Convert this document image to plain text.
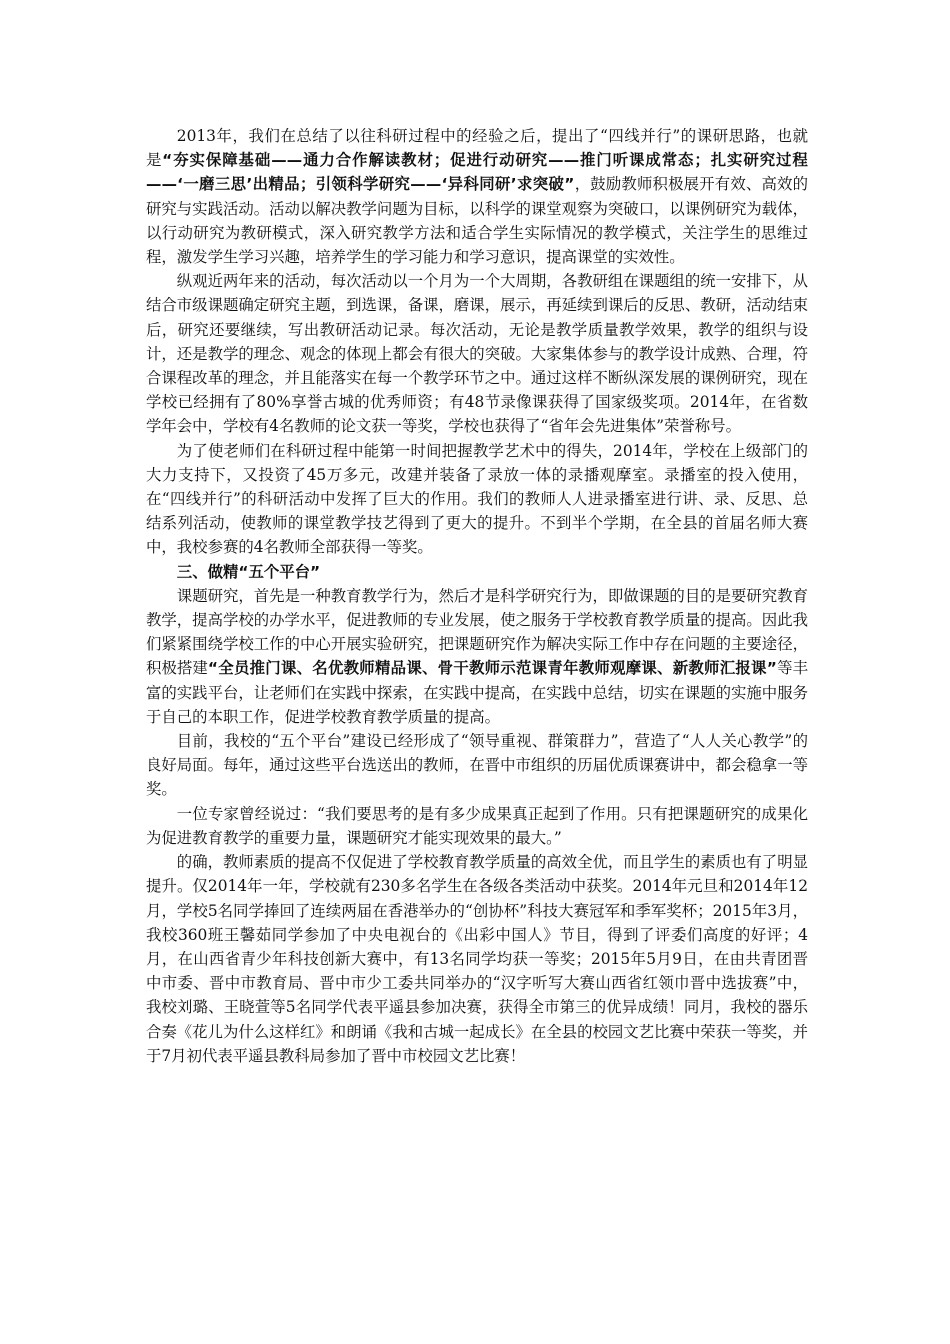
2013年，我们在总结了以往科研过程中的经验之后，提出了“四线并行”的课研思路，也就是“夯实保障基础——通力合作解读教材；促进行动研究——推门听课成常态；扎实研究过程——‘一磨三思’出精品；引领科学研究——‘异科同研’求突破”，鼓励教师积极展开有效、高效的研究与实践活动。活动以解决教学问题为目标，以科学的课堂观察为突破口，以课例研究为载体，以行动研究为教研模式，深入研究教学方法和适合学生实际情况的教学模式，关注学生的思维过程，激发学生学习兴趣，培养学生的学习能力和学习意识，提高课堂的实效性。

纵观近两年来的活动，每次活动以一个月为一个大周期，各教研组在课题组的统一安排下，从结合市级课题确定研究主题，到选课，备课，磨课，展示，再延续到课后的反思、教研，活动结束后，研究还要继续，写出教研活动记录。每次活动，无论是教学质量教学效果，教学的组织与设计，还是教学的理念、观念的体现上都会有很大的突破。大家集体参与的教学设计成熟、合理，符合课程改革的理念，并且能落实在每一个教学环节之中。通过这样不断纵深发展的课例研究，现在学校已经拥有了80%享誉古城的优秀师资；有48节录像课获得了国家级奖项。2014年，在省数学年会中，学校有4名教师的论文获一等奖，学校也获得了“省年会先进集体”荣誉称号。

为了使老师们在科研过程中能第一时间把握教学艺术中的得失，2014年，学校在上级部门的大力支持下，又投资了45万多元，改建并装备了录放一体的录播观摩室。录播室的投入使用，在“四线并行”的科研活动中发挥了巨大的作用。我们的教师人人进录播室进行讲、录、反思、总结系列活动，使教师的课堂教学技艺得到了更大的提升。不到半个学期，在全县的首届名师大赛中，我校参赛的4名教师全部获得一等奖。

三、做精“五个平台”

课题研究，首先是一种教育教学行为，然后才是科学研究行为，即做课题的目的是要研究教育教学，提高学校的办学水平，促进教师的专业发展，使之服务于学校教育教学质量的提高。因此我们紧紧围绕学校工作的中心开展实验研究，把课题研究作为解决实际工作中存在问题的主要途径，积极搭建“全员推门课、名优教师精品课、骨干教师示范课青年教师观摩课、新教师汇报课”等丰富的实践平台，让老师们在实践中探索，在实践中提高，在实践中总结，切实在课题的实施中服务于自己的本职工作，促进学校教育教学质量的提高。

目前，我校的“五个平台”建设已经形成了“领导重视、群策群力”，营造了“人人关心教学”的良好局面。每年，通过这些平台选送出的教师，在晋中市组织的历届优质课赛讲中，都会稳拿一等奖。

一位专家曾经说过：“我们要思考的是有多少成果真正起到了作用。只有把课题研究的成果化为促进教育教学的重要力量，课题研究才能实现效果的最大。”

的确，教师素质的提高不仅促进了学校教育教学质量的高效全优，而且学生的素质也有了明显提升。仅2014年一年，学校就有230多名学生在各级各类活动中获奖。2014年元旦和2014年12月，学校5名同学捧回了连续两届在香港举办的“创协杯”科技大赛冠军和季军奖杯；2015年3月，我校360班王馨茹同学参加了中央电视台的《出彩中国人》节目，得到了评委们高度的好评；4月，在山西省青少年科技创新大赛中，有13名同学均获一等奖；2015年5月9日，在由共青团晋中市委、晋中市教育局、晋中市少工委共同举办的“汉字听写大赛山西省红领巾晋中选拔赛”中，我校刘璐、王晓萱等5名同学代表平遥县参加决赛，获得全市第三的优异成绩！同月，我校的器乐合奏《花儿为什么这样红》和朗诵《我和古城一起成长》在全县的校园文艺比赛中荣获一等奖，并于7月初代表平遥县教科局参加了晋中市校园文艺比赛！
